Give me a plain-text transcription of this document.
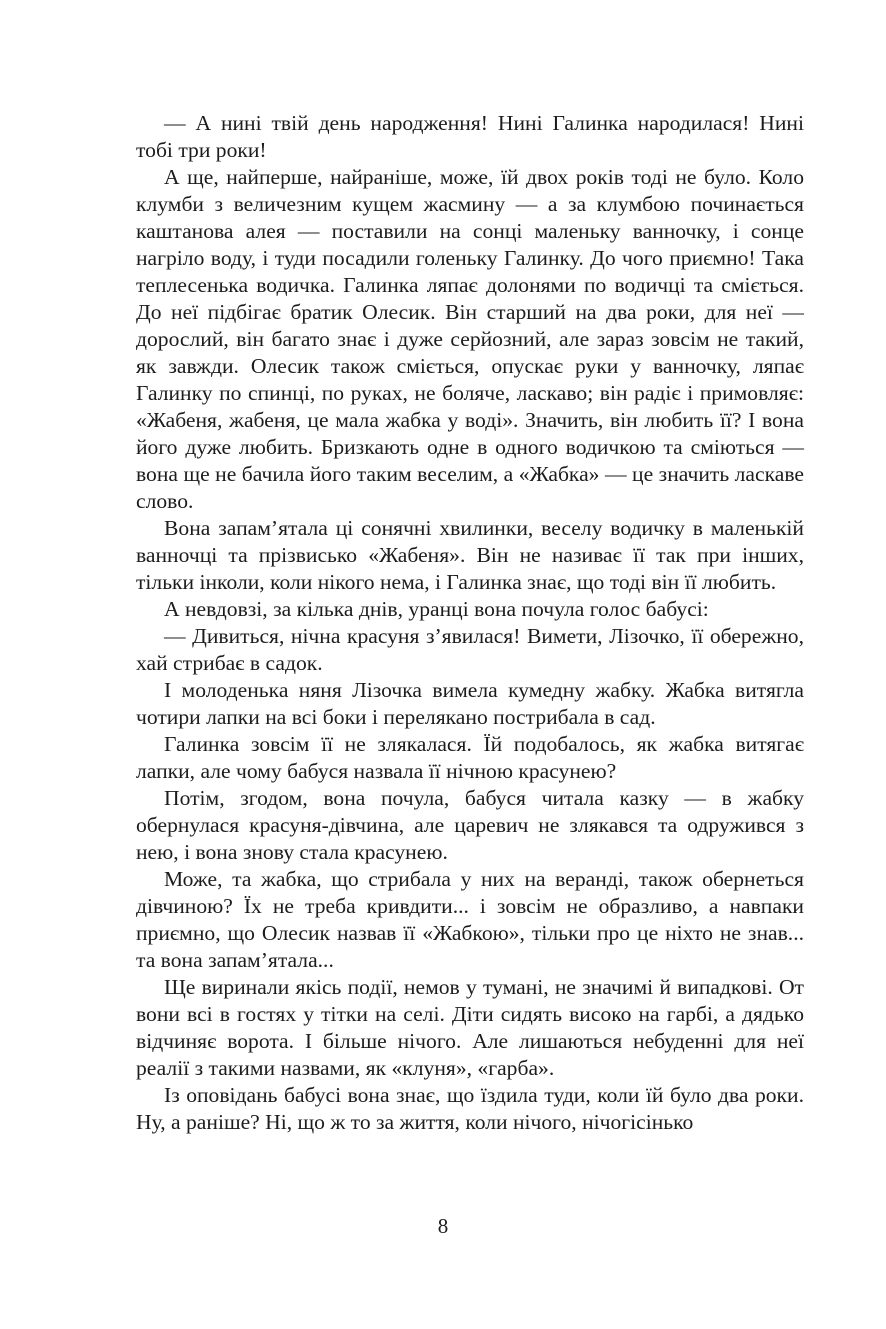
— А нині твій день народження! Нині Галинка народилася! Нині тобі три роки!

А ще, найперше, найраніше, може, їй двох років тоді не було. Коло клумби з величезним кущем жасмину — а за клумбою починається каштанова алея — поставили на сонці маленьку ванночку, і сонце нагріло воду, і туди посадили голеньку Галинку. До чого приємно! Така теплесенька водичка. Галинка ляпає долонями по водичці та сміється. До неї підбігає братик Олесик. Він старший на два роки, для неї — дорослий, він багато знає і дуже серйозний, але зараз зовсім не такий, як завжди. Олесик також сміється, опускає руки у ванночку, ляпає Галинку по спинці, по руках, не боляче, ласкаво; він радіє і примовляє: «Жабеня, жабеня, це мала жабка у воді». Значить, він любить її? І вона його дуже любить. Бризкають одне в одного водичкою та сміються — вона ще не бачила його таким веселим, а «Жабка» — це значить ласкаве слово.

Вона запам’ятала ці сонячні хвилинки, веселу водичку в маленькій ванночці та прізвисько «Жабеня». Він не називає її так при інших, тільки інколи, коли нікого нема, і Галинка знає, що тоді він її любить.

А невдовзі, за кілька днів, уранці вона почула голос бабусі:

— Дивиться, нічна красуня з’явилася! Вимети, Лізочко, її обережно, хай стрибає в садок.

І молоденька няня Лізочка вимела кумедну жабку. Жабка витягла чотири лапки на всі боки і перелякано пострибала в сад.

Галинка зовсім її не злякалася. Їй подобалось, як жабка витягає лапки, але чому бабуся назвала її нічною красунею?

Потім, згодом, вона почула, бабуся читала казку — в жабку обернулася красуня-дівчина, але царевич не злякався та одружився з нею, і вона знову стала красунею.

Може, та жабка, що стрибала у них на веранді, також обернеться дівчиною? Їх не треба кривдити... і зовсім не образливо, а навпаки приємно, що Олесик назвав її «Жабкою», тільки про це ніхто не знав... та вона запам’ятала...

Ще виринали якісь події, немов у тумані, не значимі й випадкові. От вони всі в гостях у тітки на селі. Діти сидять високо на гарбі, а дядько відчиняє ворота. І більше нічого. Але лишаються небуденні для неї реалії з такими назвами, як «клуня», «гарба».

Із оповідань бабусі вона знає, що їздила туди, коли їй було два роки. Ну, а раніше? Ні, що ж то за життя, коли нічого, нічогісінько

8
